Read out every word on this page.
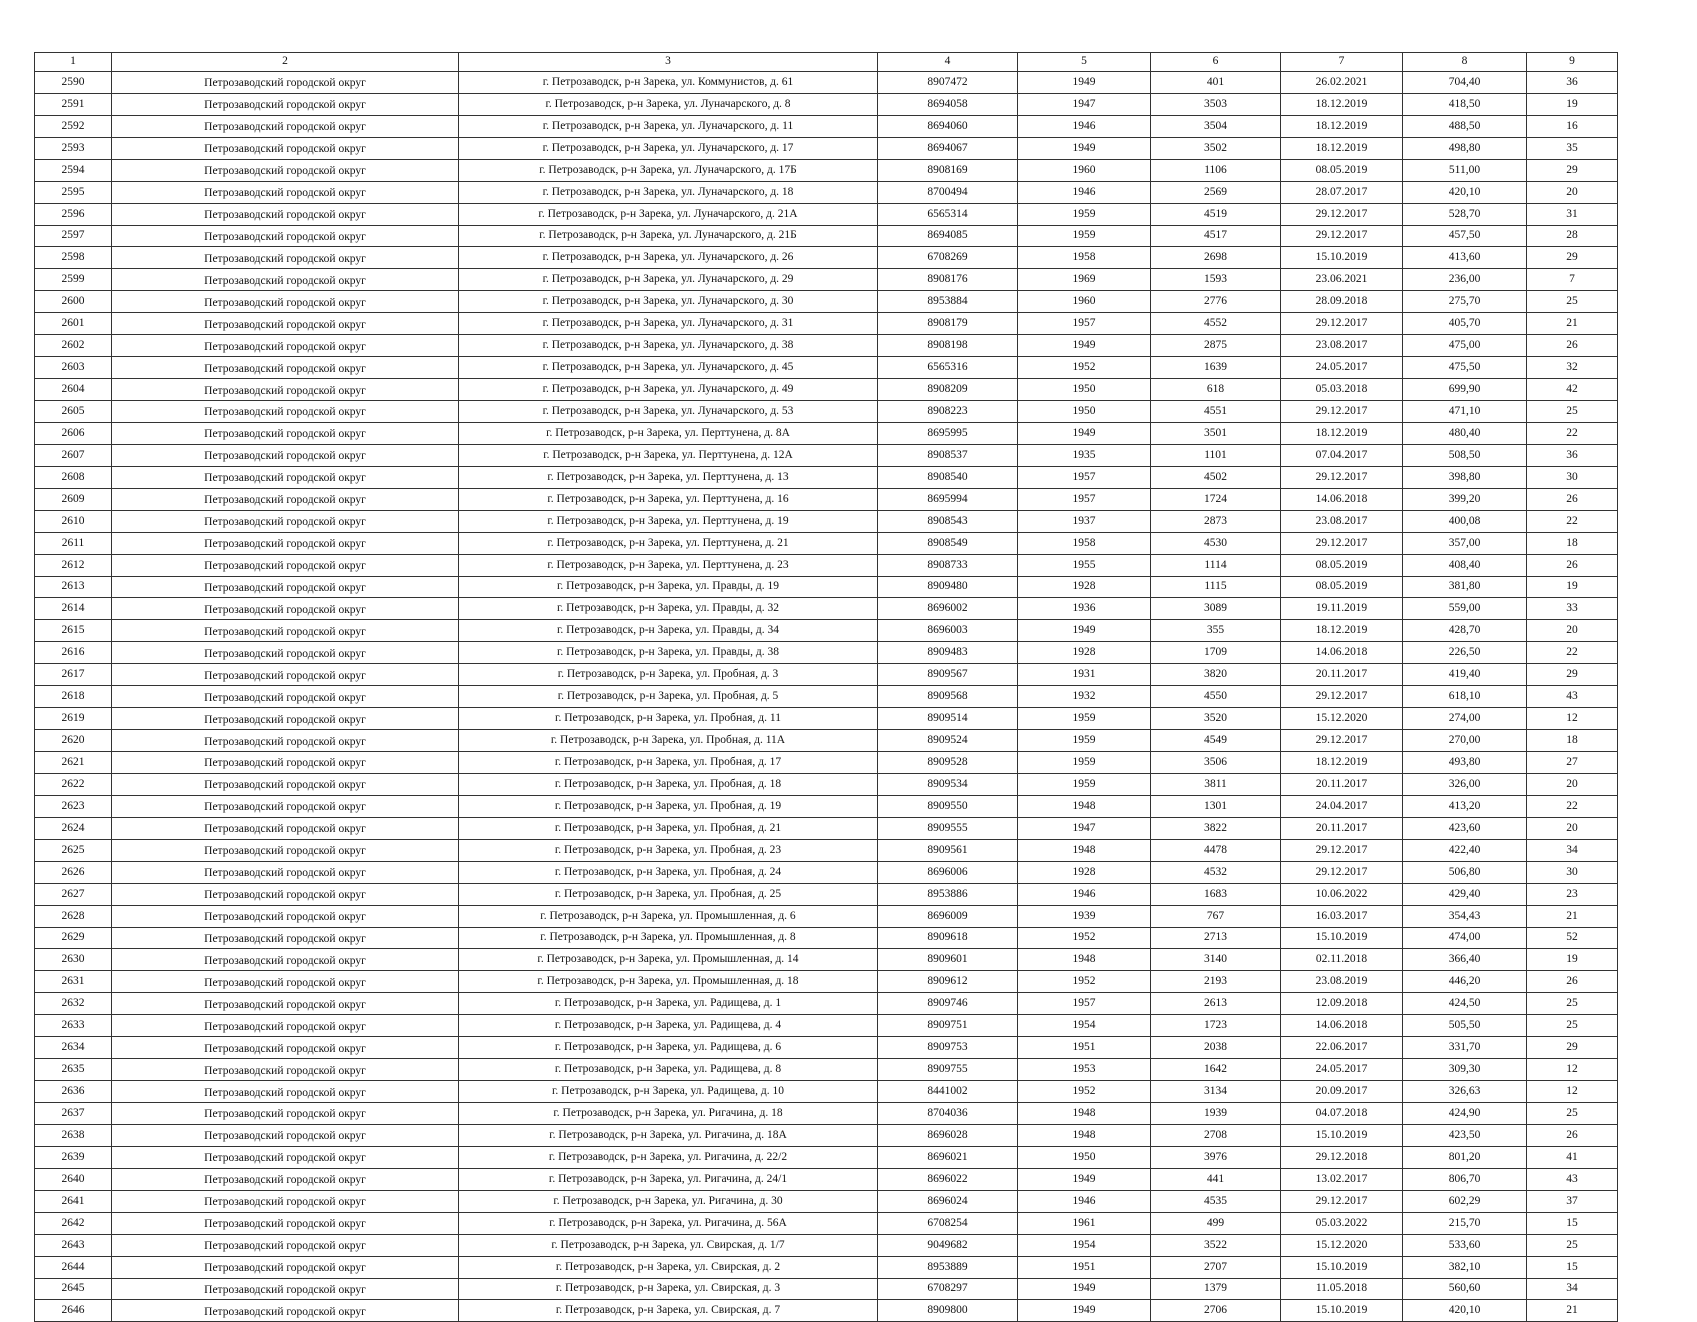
1	2	3	4	5	6	7	8	9
2590	Петрозаводский городской округ	г. Петрозаводск, р-н Зарека, ул. Коммунистов, д. 61	8907472	1949	401	26.02.2021	704,40	36
2591	Петрозаводский городской округ	г. Петрозаводск, р-н Зарека, ул. Луначарского, д. 8	8694058	1947	3503	18.12.2019	418,50	19
2592	Петрозаводский городской округ	г. Петрозаводск, р-н Зарека, ул. Луначарского, д. 11	8694060	1946	3504	18.12.2019	488,50	16
2593	Петрозаводский городской округ	г. Петрозаводск, р-н Зарека, ул. Луначарского, д. 17	8694067	1949	3502	18.12.2019	498,80	35
2594	Петрозаводский городской округ	г. Петрозаводск, р-н Зарека, ул. Луначарского, д. 17Б	8908169	1960	1106	08.05.2019	511,00	29
2595	Петрозаводский городской округ	г. Петрозаводск, р-н Зарека, ул. Луначарского, д. 18	8700494	1946	2569	28.07.2017	420,10	20
2596	Петрозаводский городской округ	г. Петрозаводск, р-н Зарека, ул. Луначарского, д. 21А	6565314	1959	4519	29.12.2017	528,70	31
2597	Петрозаводский городской округ	г. Петрозаводск, р-н Зарека, ул. Луначарского, д. 21Б	8694085	1959	4517	29.12.2017	457,50	28
2598	Петрозаводский городской округ	г. Петрозаводск, р-н Зарека, ул. Луначарского, д. 26	6708269	1958	2698	15.10.2019	413,60	29
2599	Петрозаводский городской округ	г. Петрозаводск, р-н Зарека, ул. Луначарского, д. 29	8908176	1969	1593	23.06.2021	236,00	7
2600	Петрозаводский городской округ	г. Петрозаводск, р-н Зарека, ул. Луначарского, д. 30	8953884	1960	2776	28.09.2018	275,70	25
2601	Петрозаводский городской округ	г. Петрозаводск, р-н Зарека, ул. Луначарского, д. 31	8908179	1957	4552	29.12.2017	405,70	21
2602	Петрозаводский городской округ	г. Петрозаводск, р-н Зарека, ул. Луначарского, д. 38	8908198	1949	2875	23.08.2017	475,00	26
2603	Петрозаводский городской округ	г. Петрозаводск, р-н Зарека, ул. Луначарского, д. 45	6565316	1952	1639	24.05.2017	475,50	32
2604	Петрозаводский городской округ	г. Петрозаводск, р-н Зарека, ул. Луначарского, д. 49	8908209	1950	618	05.03.2018	699,90	42
2605	Петрозаводский городской округ	г. Петрозаводск, р-н Зарека, ул. Луначарского, д. 53	8908223	1950	4551	29.12.2017	471,10	25
2606	Петрозаводский городской округ	г. Петрозаводск, р-н Зарека, ул. Перттунена, д. 8А	8695995	1949	3501	18.12.2019	480,40	22
2607	Петрозаводский городской округ	г. Петрозаводск, р-н Зарека, ул. Перттунена, д. 12А	8908537	1935	1101	07.04.2017	508,50	36
2608	Петрозаводский городской округ	г. Петрозаводск, р-н Зарека, ул. Перттунена, д. 13	8908540	1957	4502	29.12.2017	398,80	30
2609	Петрозаводский городской округ	г. Петрозаводск, р-н Зарека, ул. Перттунена, д. 16	8695994	1957	1724	14.06.2018	399,20	26
2610	Петрозаводский городской округ	г. Петрозаводск, р-н Зарека, ул. Перттунена, д. 19	8908543	1937	2873	23.08.2017	400,08	22
2611	Петрозаводский городской округ	г. Петрозаводск, р-н Зарека, ул. Перттунена, д. 21	8908549	1958	4530	29.12.2017	357,00	18
2612	Петрозаводский городской округ	г. Петрозаводск, р-н Зарека, ул. Перттунена, д. 23	8908733	1955	1114	08.05.2019	408,40	26
2613	Петрозаводский городской округ	г. Петрозаводск, р-н Зарека, ул. Правды, д. 19	8909480	1928	1115	08.05.2019	381,80	19
2614	Петрозаводский городской округ	г. Петрозаводск, р-н Зарека, ул. Правды, д. 32	8696002	1936	3089	19.11.2019	559,00	33
2615	Петрозаводский городской округ	г. Петрозаводск, р-н Зарека, ул. Правды, д. 34	8696003	1949	355	18.12.2019	428,70	20
2616	Петрозаводский городской округ	г. Петрозаводск, р-н Зарека, ул. Правды, д. 38	8909483	1928	1709	14.06.2018	226,50	22
2617	Петрозаводский городской округ	г. Петрозаводск, р-н Зарека, ул. Пробная, д. 3	8909567	1931	3820	20.11.2017	419,40	29
2618	Петрозаводский городской округ	г. Петрозаводск, р-н Зарека, ул. Пробная, д. 5	8909568	1932	4550	29.12.2017	618,10	43
2619	Петрозаводский городской округ	г. Петрозаводск, р-н Зарека, ул. Пробная, д. 11	8909514	1959	3520	15.12.2020	274,00	12
2620	Петрозаводский городской округ	г. Петрозаводск, р-н Зарека, ул. Пробная, д. 11А	8909524	1959	4549	29.12.2017	270,00	18
2621	Петрозаводский городской округ	г. Петрозаводск, р-н Зарека, ул. Пробная, д. 17	8909528	1959	3506	18.12.2019	493,80	27
2622	Петрозаводский городской округ	г. Петрозаводск, р-н Зарека, ул. Пробная, д. 18	8909534	1959	3811	20.11.2017	326,00	20
2623	Петрозаводский городской округ	г. Петрозаводск, р-н Зарека, ул. Пробная, д. 19	8909550	1948	1301	24.04.2017	413,20	22
2624	Петрозаводский городской округ	г. Петрозаводск, р-н Зарека, ул. Пробная, д. 21	8909555	1947	3822	20.11.2017	423,60	20
2625	Петрозаводский городской округ	г. Петрозаводск, р-н Зарека, ул. Пробная, д. 23	8909561	1948	4478	29.12.2017	422,40	34
2626	Петрозаводский городской округ	г. Петрозаводск, р-н Зарека, ул. Пробная, д. 24	8696006	1928	4532	29.12.2017	506,80	30
2627	Петрозаводский городской округ	г. Петрозаводск, р-н Зарека, ул. Пробная, д. 25	8953886	1946	1683	10.06.2022	429,40	23
2628	Петрозаводский городской округ	г. Петрозаводск, р-н Зарека, ул. Промышленная, д. 6	8696009	1939	767	16.03.2017	354,43	21
2629	Петрозаводский городской округ	г. Петрозаводск, р-н Зарека, ул. Промышленная, д. 8	8909618	1952	2713	15.10.2019	474,00	52
2630	Петрозаводский городской округ	г. Петрозаводск, р-н Зарека, ул. Промышленная, д. 14	8909601	1948	3140	02.11.2018	366,40	19
2631	Петрозаводский городской округ	г. Петрозаводск, р-н Зарека, ул. Промышленная, д. 18	8909612	1952	2193	23.08.2019	446,20	26
2632	Петрозаводский городской округ	г. Петрозаводск, р-н Зарека, ул. Радищева, д. 1	8909746	1957	2613	12.09.2018	424,50	25
2633	Петрозаводский городской округ	г. Петрозаводск, р-н Зарека, ул. Радищева, д. 4	8909751	1954	1723	14.06.2018	505,50	25
2634	Петрозаводский городской округ	г. Петрозаводск, р-н Зарека, ул. Радищева, д. 6	8909753	1951	2038	22.06.2017	331,70	29
2635	Петрозаводский городской округ	г. Петрозаводск, р-н Зарека, ул. Радищева, д. 8	8909755	1953	1642	24.05.2017	309,30	12
2636	Петрозаводский городской округ	г. Петрозаводск, р-н Зарека, ул. Радищева, д. 10	8441002	1952	3134	20.09.2017	326,63	12
2637	Петрозаводский городской округ	г. Петрозаводск, р-н Зарека, ул. Ригачина, д. 18	8704036	1948	1939	04.07.2018	424,90	25
2638	Петрозаводский городской округ	г. Петрозаводск, р-н Зарека, ул. Ригачина, д. 18А	8696028	1948	2708	15.10.2019	423,50	26
2639	Петрозаводский городской округ	г. Петрозаводск, р-н Зарека, ул. Ригачина, д. 22/2	8696021	1950	3976	29.12.2018	801,20	41
2640	Петрозаводский городской округ	г. Петрозаводск, р-н Зарека, ул. Ригачина, д. 24/1	8696022	1949	441	13.02.2017	806,70	43
2641	Петрозаводский городской округ	г. Петрозаводск, р-н Зарека, ул. Ригачина, д. 30	8696024	1946	4535	29.12.2017	602,29	37
2642	Петрозаводский городской округ	г. Петрозаводск, р-н Зарека, ул. Ригачина, д. 56А	6708254	1961	499	05.03.2022	215,70	15
2643	Петрозаводский городской округ	г. Петрозаводск, р-н Зарека, ул. Свирская, д. 1/7	9049682	1954	3522	15.12.2020	533,60	25
2644	Петрозаводский городской округ	г. Петрозаводск, р-н Зарека, ул. Свирская, д. 2	8953889	1951	2707	15.10.2019	382,10	15
2645	Петрозаводский городской округ	г. Петрозаводск, р-н Зарека, ул. Свирская, д. 3	6708297	1949	1379	11.05.2018	560,60	34
2646	Петрозаводский городской округ	г. Петрозаводск, р-н Зарека, ул. Свирская, д. 7	8909800	1949	2706	15.10.2019	420,10	21
